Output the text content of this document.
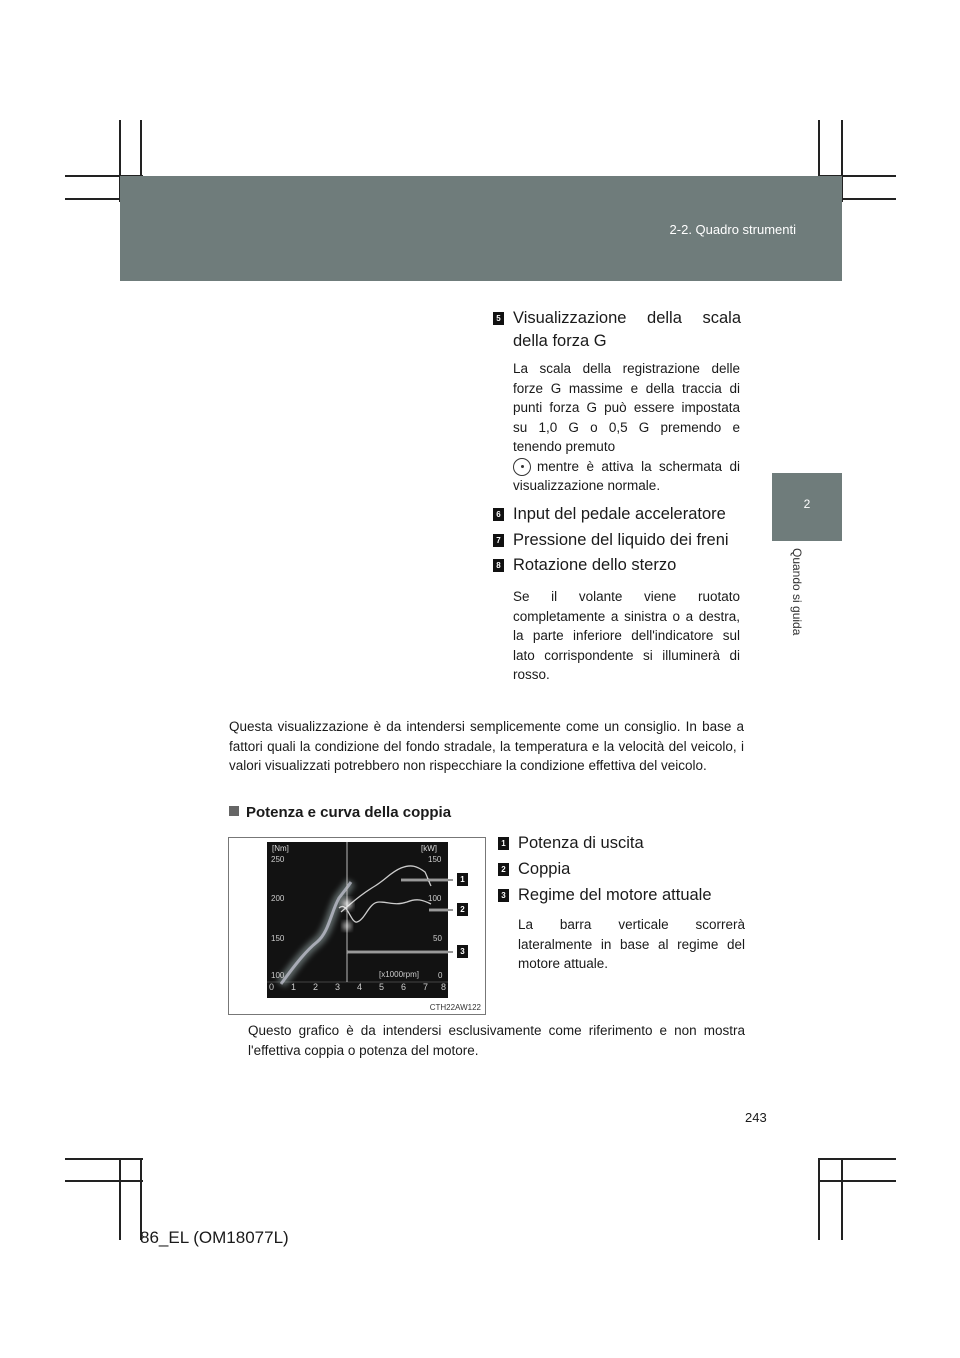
2-2. Quadro strumenti
2
Quando si guida
5 Visualizzazione della scala della forza G
La scala della registrazione delle forze G massime e della traccia di punti forza G può essere impostata su 1,0 G o 0,5 G premendo e tenendo premuto
mentre è attiva la schermata di visualizzazione normale.
6 Input del pedale acceleratore
7 Pressione del liquido dei freni
8 Rotazione dello sterzo
Se il volante viene ruotato completamente a sinistra o a destra, la parte inferiore dell'indicatore sul lato corrispondente si illuminerà di rosso.
Questa visualizzazione è da intendersi semplicemente come un consiglio. In base a fattori quali la condizione del fondo stradale, la temperatura e la velocità del veicolo, i valori visualizzati potrebbero non rispecchiare la condizione effettiva del veicolo.
Potenza e curva della coppia
[Nm]	[kW]
250
200
150
100
150
100
50
0
[x1000rpm]
0 1 2 3 4 5 6 7 8
1
2
3
CTH22AW122
1 Potenza di uscita
2 Coppia
3 Regime del motore attuale
La barra verticale scorrerà lateralmente in base al regime del motore attuale.
Questo grafico è da intendersi esclusivamente come riferimento e non mostra l'effettiva coppia o potenza del motore.
243
86_EL (OM18077L)
